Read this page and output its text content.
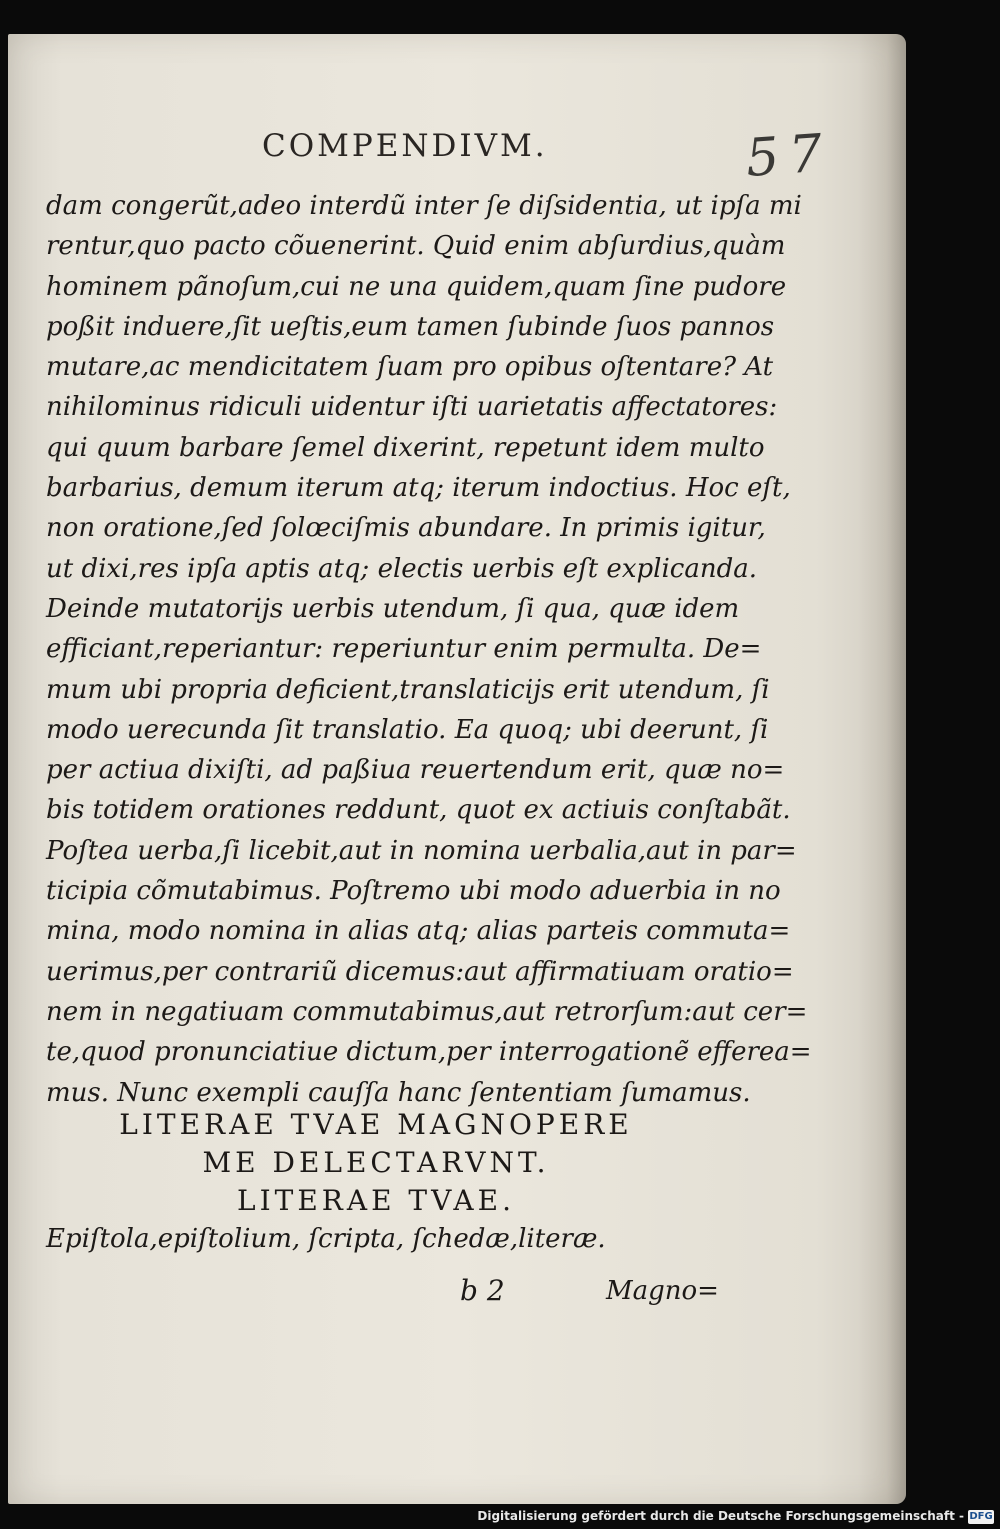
COMPENDIVM.	57
dam congerũt,adeo interdũ inter ſe diſsidentia, ut ipſa mi
rentur,quo pacto cõuenerint. Quid enim abſurdius,quàm
hominem pãnoſum,cui ne una quidem,quam ſine pudore
poßit induere,ſit ueſtis,eum tamen ſubinde ſuos pannos
mutare,ac mendicitatem ſuam pro opibus oſtentare? At
nihilominus ridiculi uidentur iſti uarietatis affectatores:
qui quum barbare ſemel dixerint, repetunt idem multo
barbarius, demum iterum atq; iterum indoctius. Hoc eſt,
non oratione,ſed ſolœciſmis abundare. In primis igitur,
ut dixi,res ipſa aptis atq; electis uerbis eſt explicanda.
Deinde mutatorijs uerbis utendum, ſi qua, quæ idem
efficiant,reperiantur: reperiuntur enim permulta. De=
mum ubi propria deficient,translaticijs erit utendum, ſi
modo uerecunda ſit translatio. Ea quoq; ubi deerunt, ſi
per actiua dixiſti, ad paßiua reuertendum erit, quæ no=
bis totidem orationes reddunt, quot ex actiuis conſtabãt.
Poſtea uerba,ſi licebit,aut in nomina uerbalia,aut in par=
ticipia cõmutabimus. Poſtremo ubi modo aduerbia in no
mina, modo nomina in alias atq; alias parteis commuta=
uerimus,per contrariũ dicemus:aut affirmatiuam oratio=
nem in negatiuam commutabimus,aut retrorſum:aut cer=
te,quod pronunciatiue dictum,per interrogationẽ efferea=
mus. Nunc exempli cauſſa hanc ſententiam ſumamus.
LITERAE TVAE MAGNOPERE
ME DELECTARVNT.
LITERAE TVAE.
Epiſtola,epiſtolium, ſcripta, ſchedæ,literæ.
b 2	Magno=
Digitalisierung gefördert durch die Deutsche Forschungsgemeinschaft - DFG
